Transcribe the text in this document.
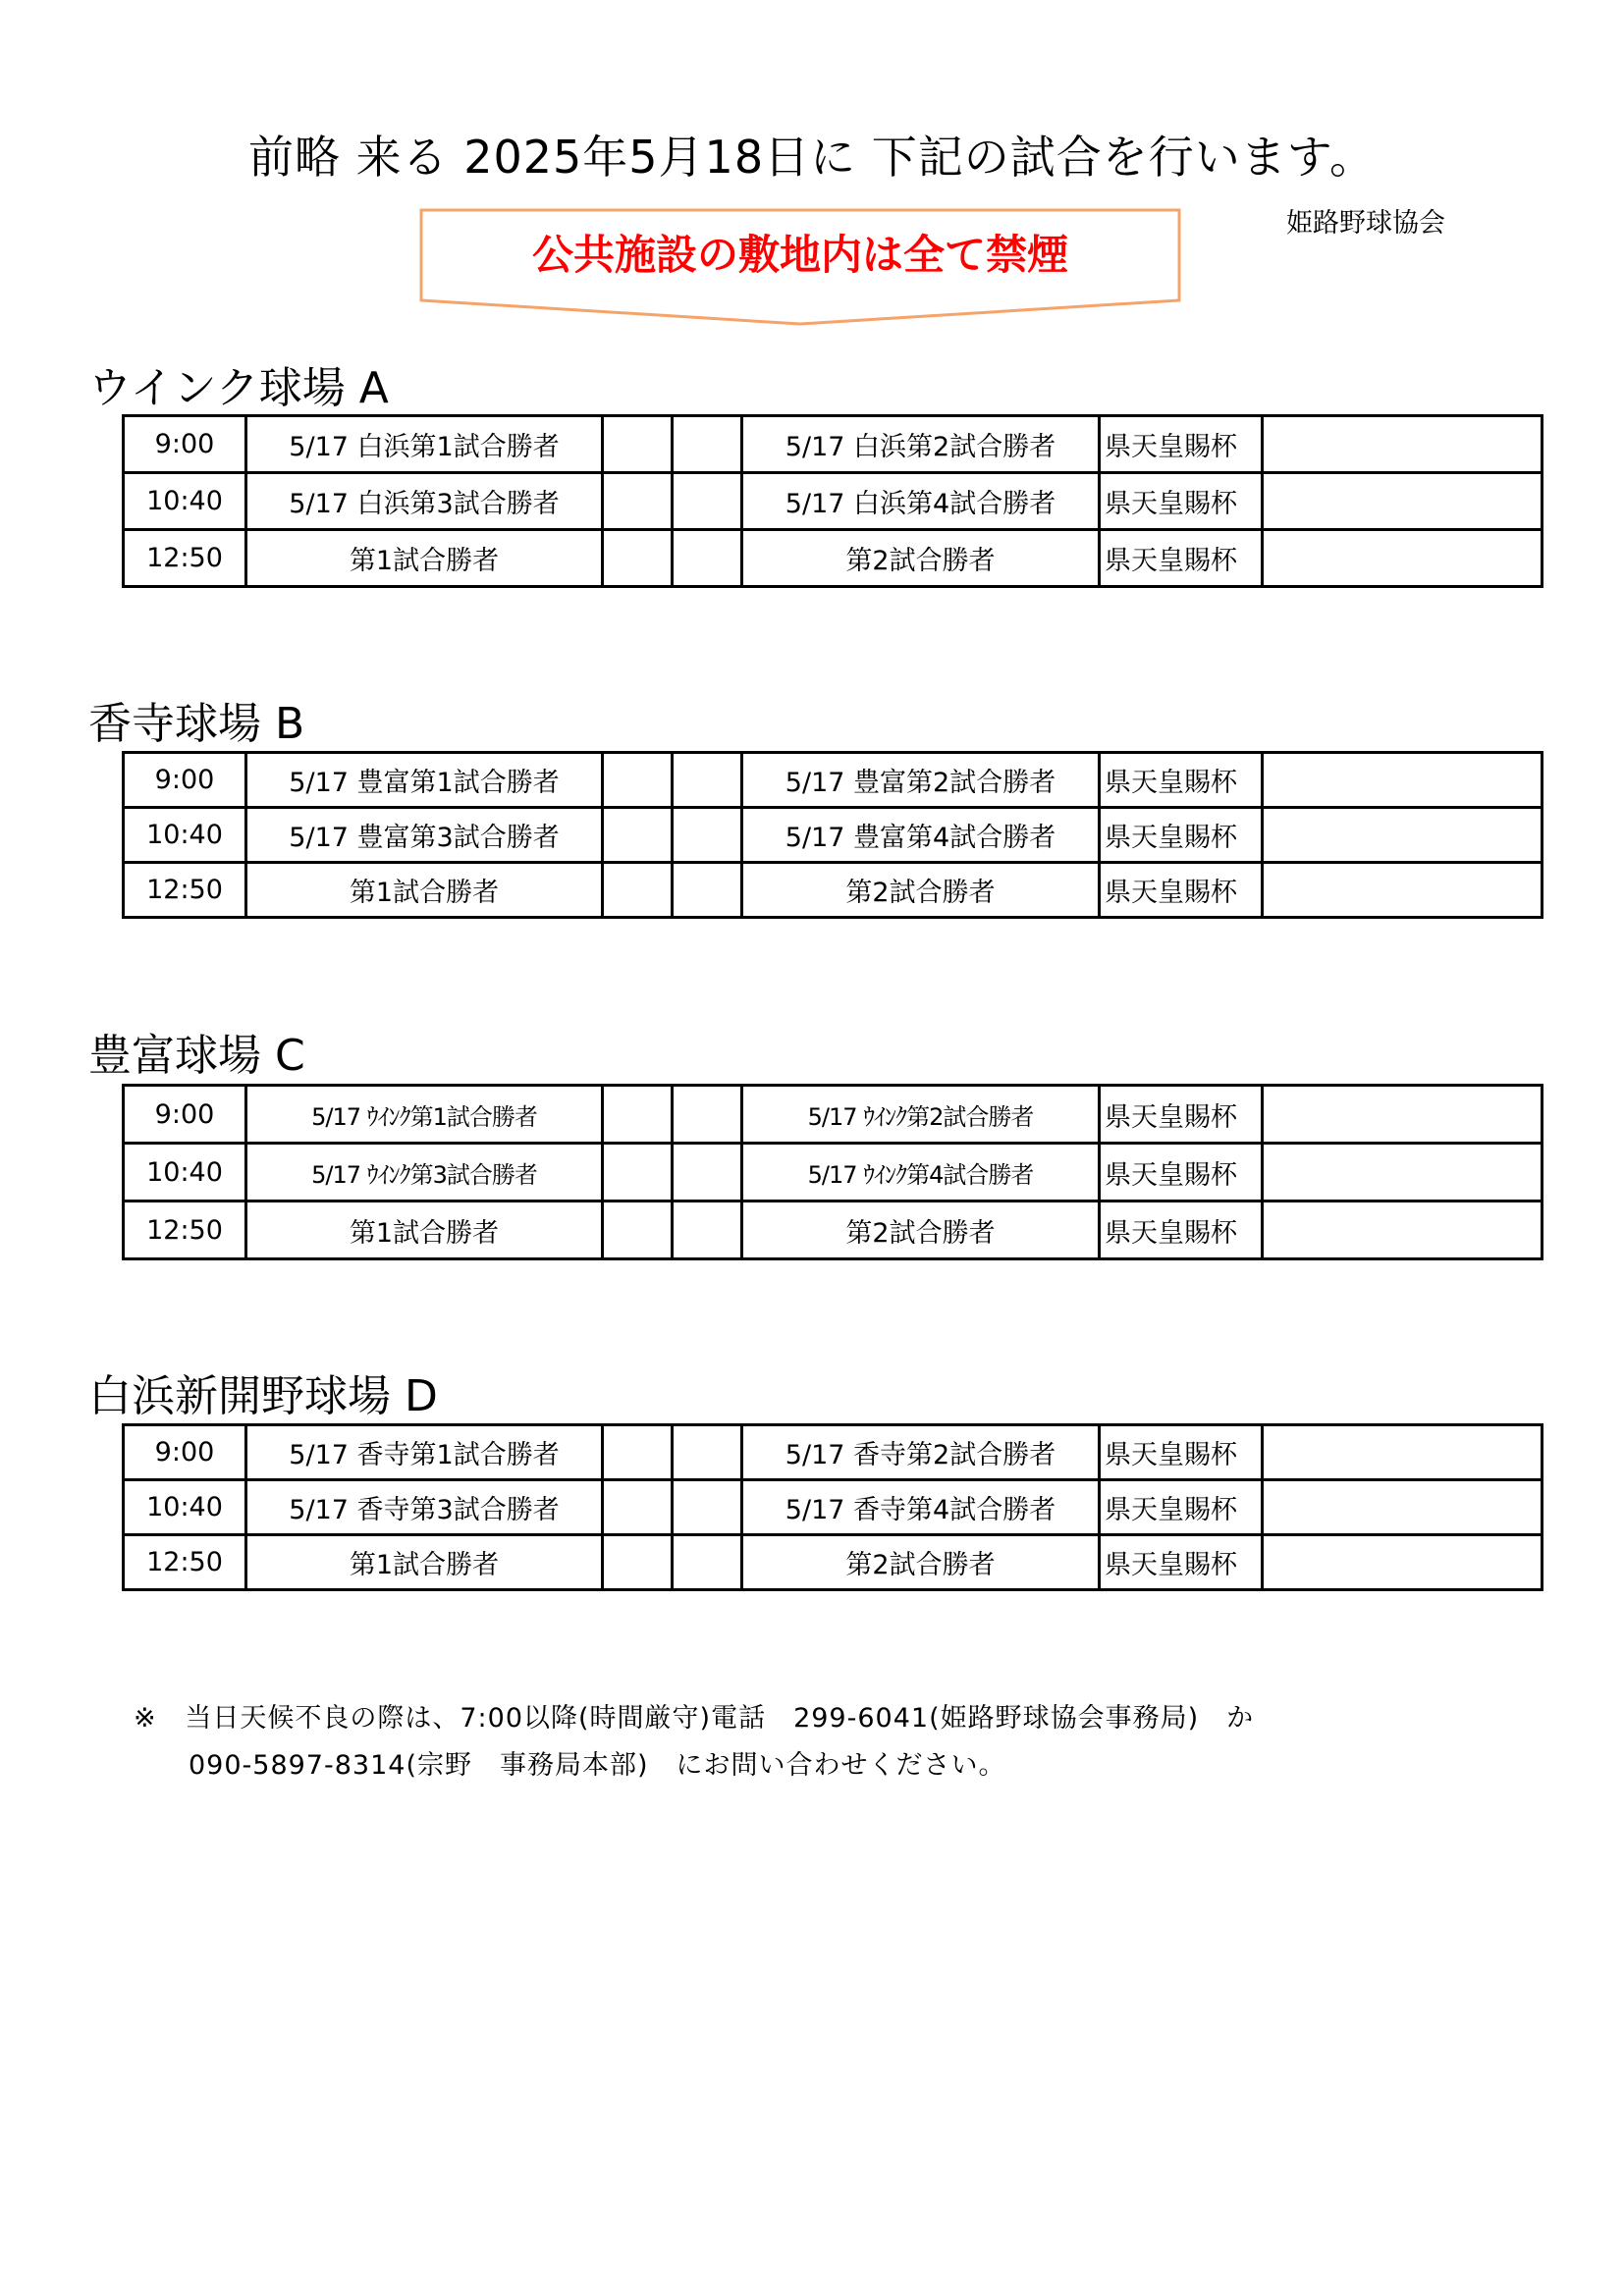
前略 来る 2025年5月18日に 下記の試合を行います。
公共施設の敷地内は全て禁煙
姫路野球協会
ウインク球場 A
9:00	5/17 白浜第1試合勝者			5/17 白浜第2試合勝者	県天皇賜杯	
10:40	5/17 白浜第3試合勝者			5/17 白浜第4試合勝者	県天皇賜杯	
12:50	第1試合勝者			第2試合勝者	県天皇賜杯	
香寺球場 B
9:00	5/17 豊富第1試合勝者			5/17 豊富第2試合勝者	県天皇賜杯	
10:40	5/17 豊富第3試合勝者			5/17 豊富第4試合勝者	県天皇賜杯	
12:50	第1試合勝者			第2試合勝者	県天皇賜杯	
豊富球場 C
9:00	5/17 ｳｲﾝｸ第1試合勝者			5/17 ｳｲﾝｸ第2試合勝者	県天皇賜杯	
10:40	5/17 ｳｲﾝｸ第3試合勝者			5/17 ｳｲﾝｸ第4試合勝者	県天皇賜杯	
12:50	第1試合勝者			第2試合勝者	県天皇賜杯	
白浜新開野球場 D
9:00	5/17 香寺第1試合勝者			5/17 香寺第2試合勝者	県天皇賜杯	
10:40	5/17 香寺第3試合勝者			5/17 香寺第4試合勝者	県天皇賜杯	
12:50	第1試合勝者			第2試合勝者	県天皇賜杯	
※ 当日天候不良の際は、7:00以降(時間厳守)電話　299-6041(姫路野球協会事務局)　か
090-5897-8314(宗野　事務局本部)　にお問い合わせください。
